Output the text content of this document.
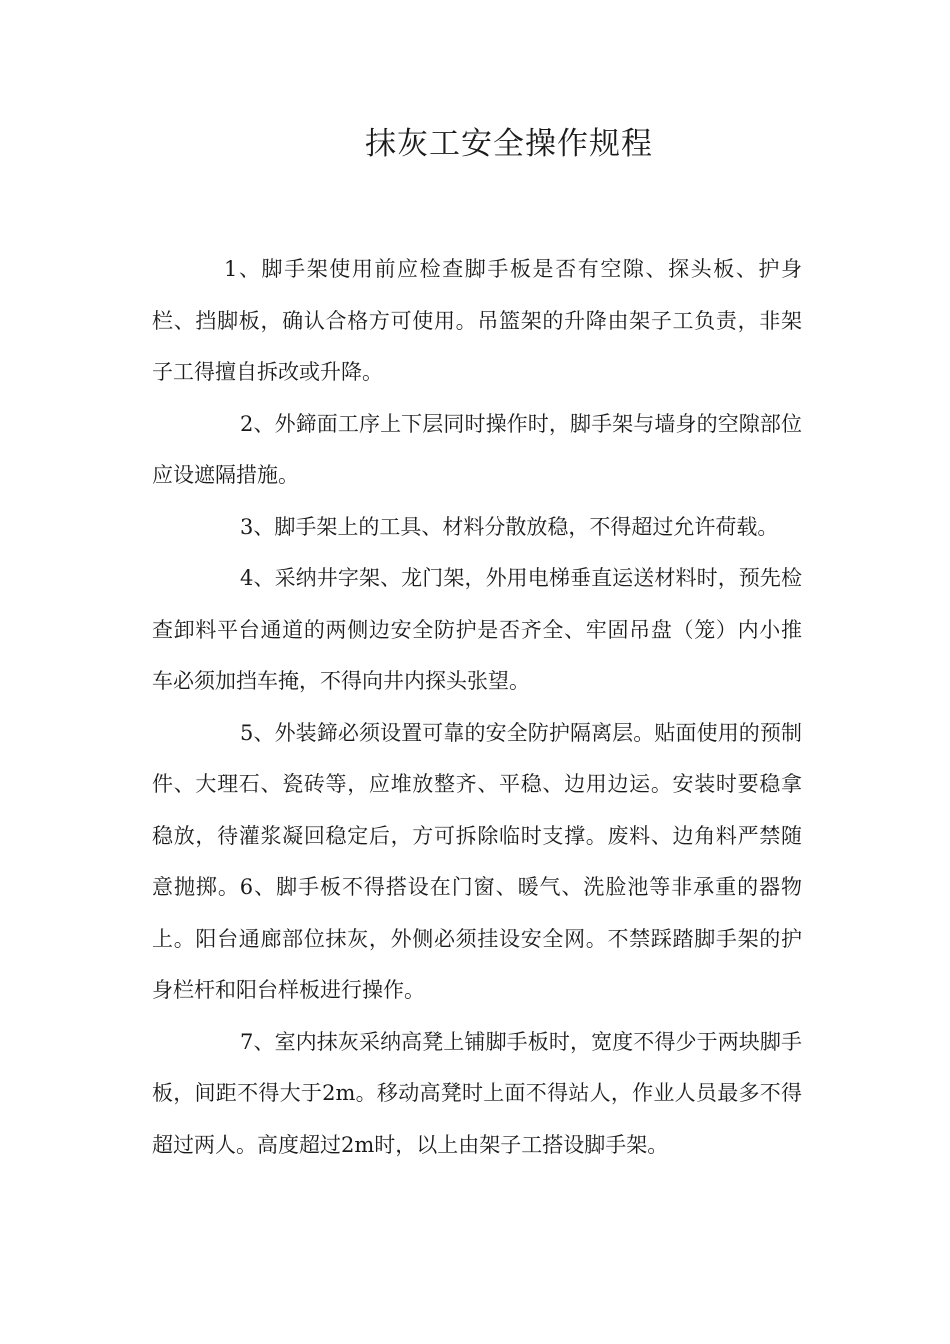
抹灰工安全操作规程

1、脚手架使用前应检查脚手板是否有空隙、探头板、护身栏、挡脚板，确认合格方可使用。吊篮架的升降由架子工负责，非架子工得擅自拆改或升降。

2、外鍗面工序上下层同时操作时，脚手架与墙身的空隙部位应设遮隔措施。

3、脚手架上的工具、材料分散放稳，不得超过允许荷载。

4、采纳井字架、龙门架，外用电梯垂直运送材料时，预先检查卸料平台通道的两侧边安全防护是否齐全、牢固吊盘（笼）内小推车必须加挡车掩，不得向井内探头张望。

5、外装鍗必须设置可靠的安全防护隔离层。贴面使用的预制件、大理石、瓷砖等，应堆放整齐、平稳、边用边运。安装时要稳拿稳放，待灌浆凝回稳定后，方可拆除临时支撑。废料、边角料严禁随意抛掷。6、脚手板不得搭设在门窗、暖气、洗脸池等非承重的器物上。阳台通廊部位抹灰，外侧必须挂设安全网。不禁踩踏脚手架的护身栏杆和阳台样板进行操作。

7、室内抹灰采纳高凳上铺脚手板时，宽度不得少于两块脚手板，间距不得大于2m。移动高凳时上面不得站人，作业人员最多不得超过两人。高度超过2m时，以上由架子工搭设脚手架。
